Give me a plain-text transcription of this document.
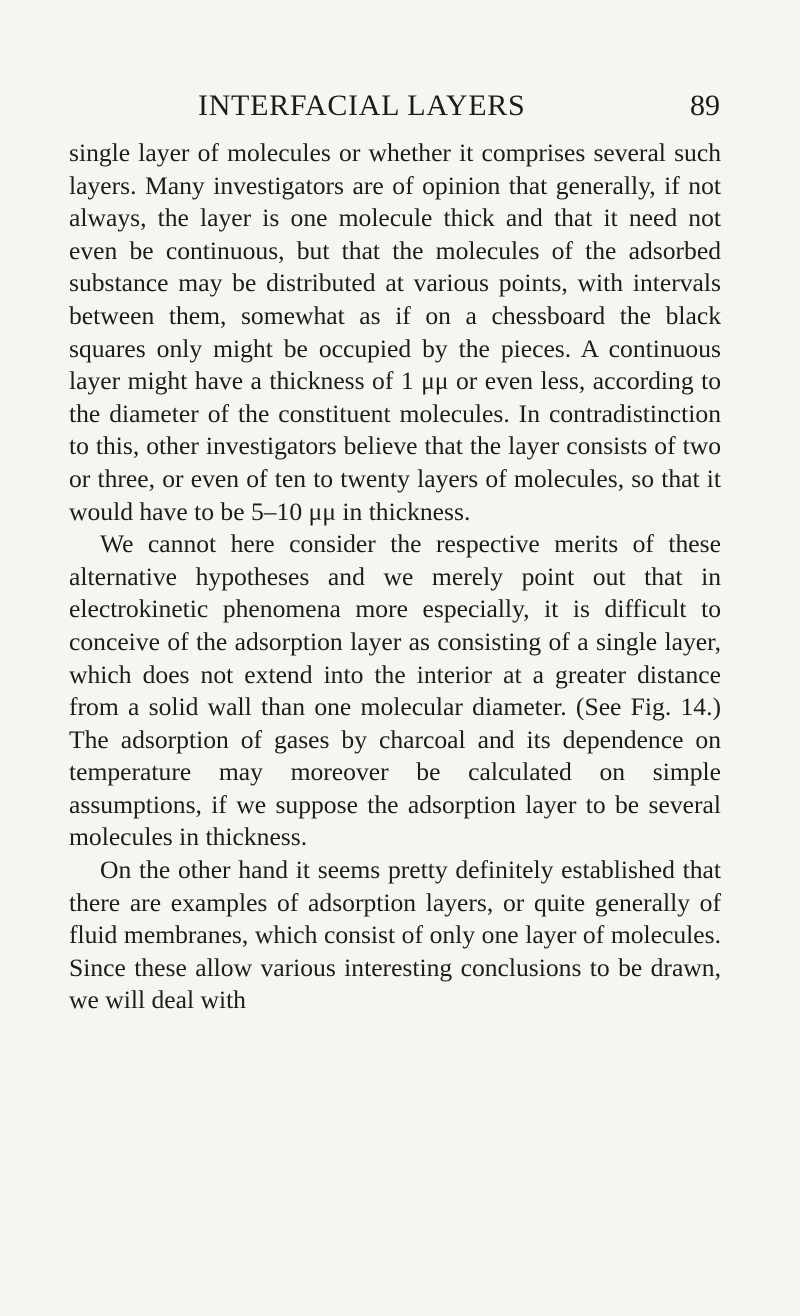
INTERFACIAL LAYERS	89

single layer of molecules or whether it comprises several such layers. Many investigators are of opinion that generally, if not always, the layer is one molecule thick and that it need not even be continuous, but that the molecules of the adsorbed substance may be distributed at various points, with intervals between them, somewhat as if on a chessboard the black squares only might be occupied by the pieces. A continuous layer might have a thickness of 1 μμ or even less, according to the diameter of the constituent molecules. In contradistinction to this, other investigators believe that the layer consists of two or three, or even of ten to twenty layers of molecules, so that it would have to be 5–10 μμ in thickness.

We cannot here consider the respective merits of these alternative hypotheses and we merely point out that in electrokinetic phenomena more especially, it is difficult to conceive of the adsorption layer as consisting of a single layer, which does not extend into the interior at a greater distance from a solid wall than one molecular diameter. (See Fig. 14.) The adsorption of gases by charcoal and its dependence on temperature may moreover be calculated on simple assumptions, if we suppose the adsorption layer to be several molecules in thickness.

On the other hand it seems pretty definitely established that there are examples of adsorption layers, or quite generally of fluid membranes, which consist of only one layer of molecules. Since these allow various interesting conclusions to be drawn, we will deal with
